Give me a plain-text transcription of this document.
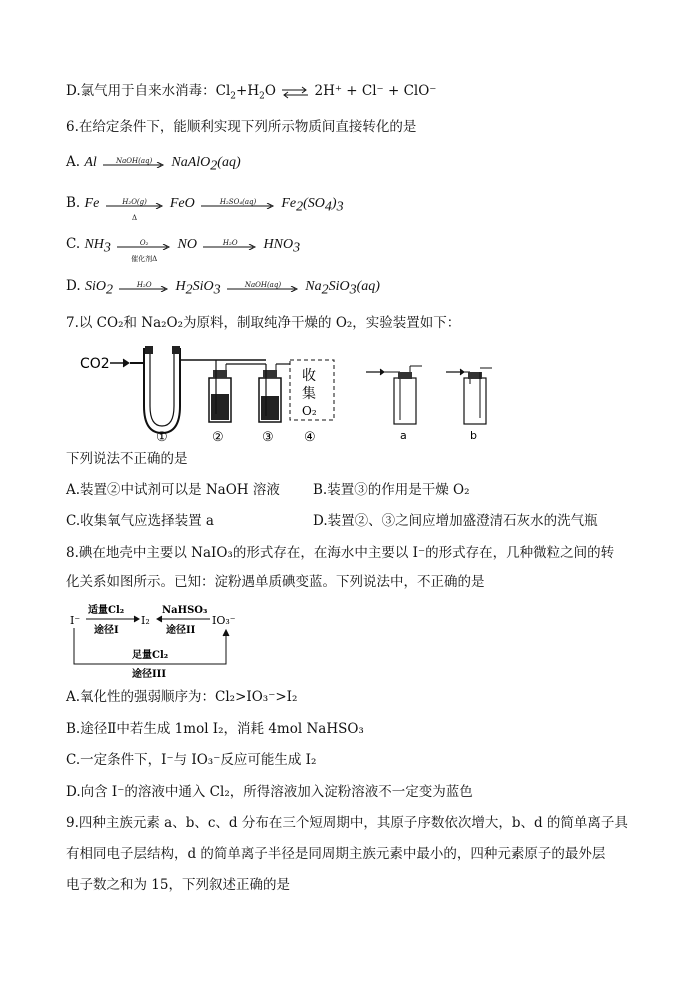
D.氯气用于自来水消毒：$Cl_2+H_2O$ ⇌ 2H⁺ + Cl⁻ + ClO⁻
6.在给定条件下，能顺利实现下列所示物质间直接转化的是
A. Al	NaOH(aq)	NaAlO$_2$(aq)
B. Fe	H₂O(g)
Δ
FeO	H₂SO₄(aq)	$Fe_2(SO_4)_3$
C. $NH_3$	O₂
催化剂Δ
NO	H₂O	$HNO_3$
D. SiO$_2$	H₂O	$H_2SiO_3$	NaOH(aq)	$Na_2SiO_3(aq)$
7.以 CO₂和 Na₂O₂为原料，制取纯净干燥的 O₂，实验装置如下：
CO2
①	②	③
收
集
O₂
④	a	b
下列说法不正确的是
A.装置②中试剂可以是 NaOH 溶液 B.装置③的作用是干燥 O₂
C.收集氧气应选择装置 a	D.装置②、③之间应增加盛澄清石灰水的洗气瓶
8.碘在地壳中主要以 NaIO₃的形式存在，在海水中主要以 I⁻的形式存在，几种微粒之间的转
化关系如图所示。已知：淀粉遇单质碘变蓝。下列说法中，不正确的是
I⁻
适量Cl₂
途径I
I₂
NaHSO₃
途径II
IO₃⁻
足量Cl₂
途径III
A.氧化性的强弱顺序为：Cl₂>IO₃⁻>I₂
B.途径Ⅱ中若生成 1mol I₂，消耗 4mol NaHSO₃
C.一定条件下，I⁻与 IO₃⁻反应可能生成 I₂
D.向含 I⁻的溶液中通入 Cl₂，所得溶液加入淀粉溶液不一定变为蓝色
9.四种主族元素 a、b、c、d 分布在三个短周期中，其原子序数依次增大，b、d 的简单离子具
有相同电子层结构，d 的简单离子半径是同周期主族元素中最小的，四种元素原子的最外层
电子数之和为 15，下列叙述正确的是
